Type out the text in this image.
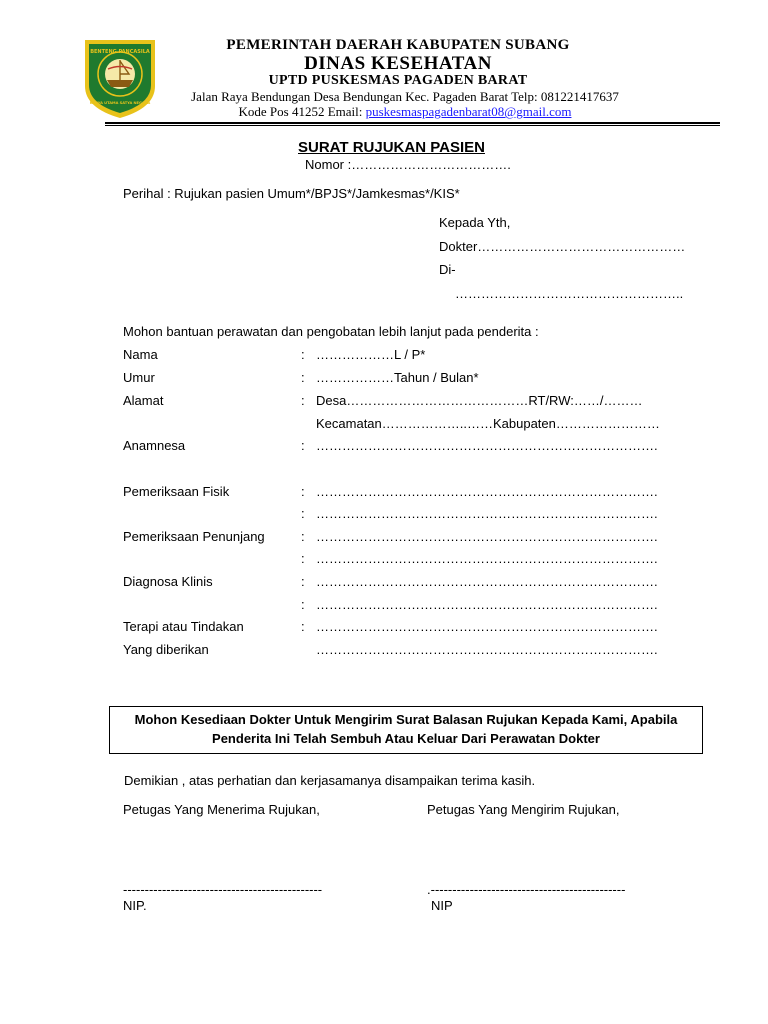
BENTENG PANCASILA
KARYA UTAMA SATYA NEGARA
PEMERINTAH DAERAH KABUPATEN SUBANG
DINAS KESEHATAN
UPTD PUSKESMAS PAGADEN BARAT
Jalan Raya Bendungan Desa Bendungan Kec. Pagaden Barat Telp: 081221417637
Kode Pos 41252 Email: puskesmaspagadenbarat08@gmail.com
SURAT RUJUKAN PASIEN
Nomor :……………………………….
Perihal : Rujukan pasien Umum*/BPJS*/Jamkesmas*/KIS*
Kepada Yth,
Dokter…………………………………………
Di-
……………………………………………..
Mohon bantuan perawatan dan pengobatan lebih lanjut pada penderita :
Nama	: ………………L / P*
Umur	: ………………Tahun / Bulan*
Alamat	: Desa……………………………………RT/RW:……/………
Kecamatan………………..……Kabupaten……………………
Anamnesa	: …………………………………………………………………….
Pemeriksaan Fisik	: …………………………………………………………………….
: …………………………………………………………………….
Pemeriksaan Penunjang	: …………………………………………………………………….
: …………………………………………………………………….
Diagnosa Klinis	: …………………………………………………………………….
: …………………………………………………………………….
Terapi atau Tindakan	: …………………………………………………………………….
Yang diberikan	…………………………………………………………………….
Mohon Kesediaan Dokter Untuk Mengirim Surat Balasan Rujukan Kepada Kami, Apabila
Penderita Ini Telah Sembuh Atau Keluar Dari Perawatan Dokter
Demikian , atas perhatian dan kerjasamanya disampaikan terima kasih.
Petugas Yang Menerima Rujukan,	Petugas Yang Mengirim Rujukan,
----------------------------------------------	.---------------------------------------------
NIP.	NIP
